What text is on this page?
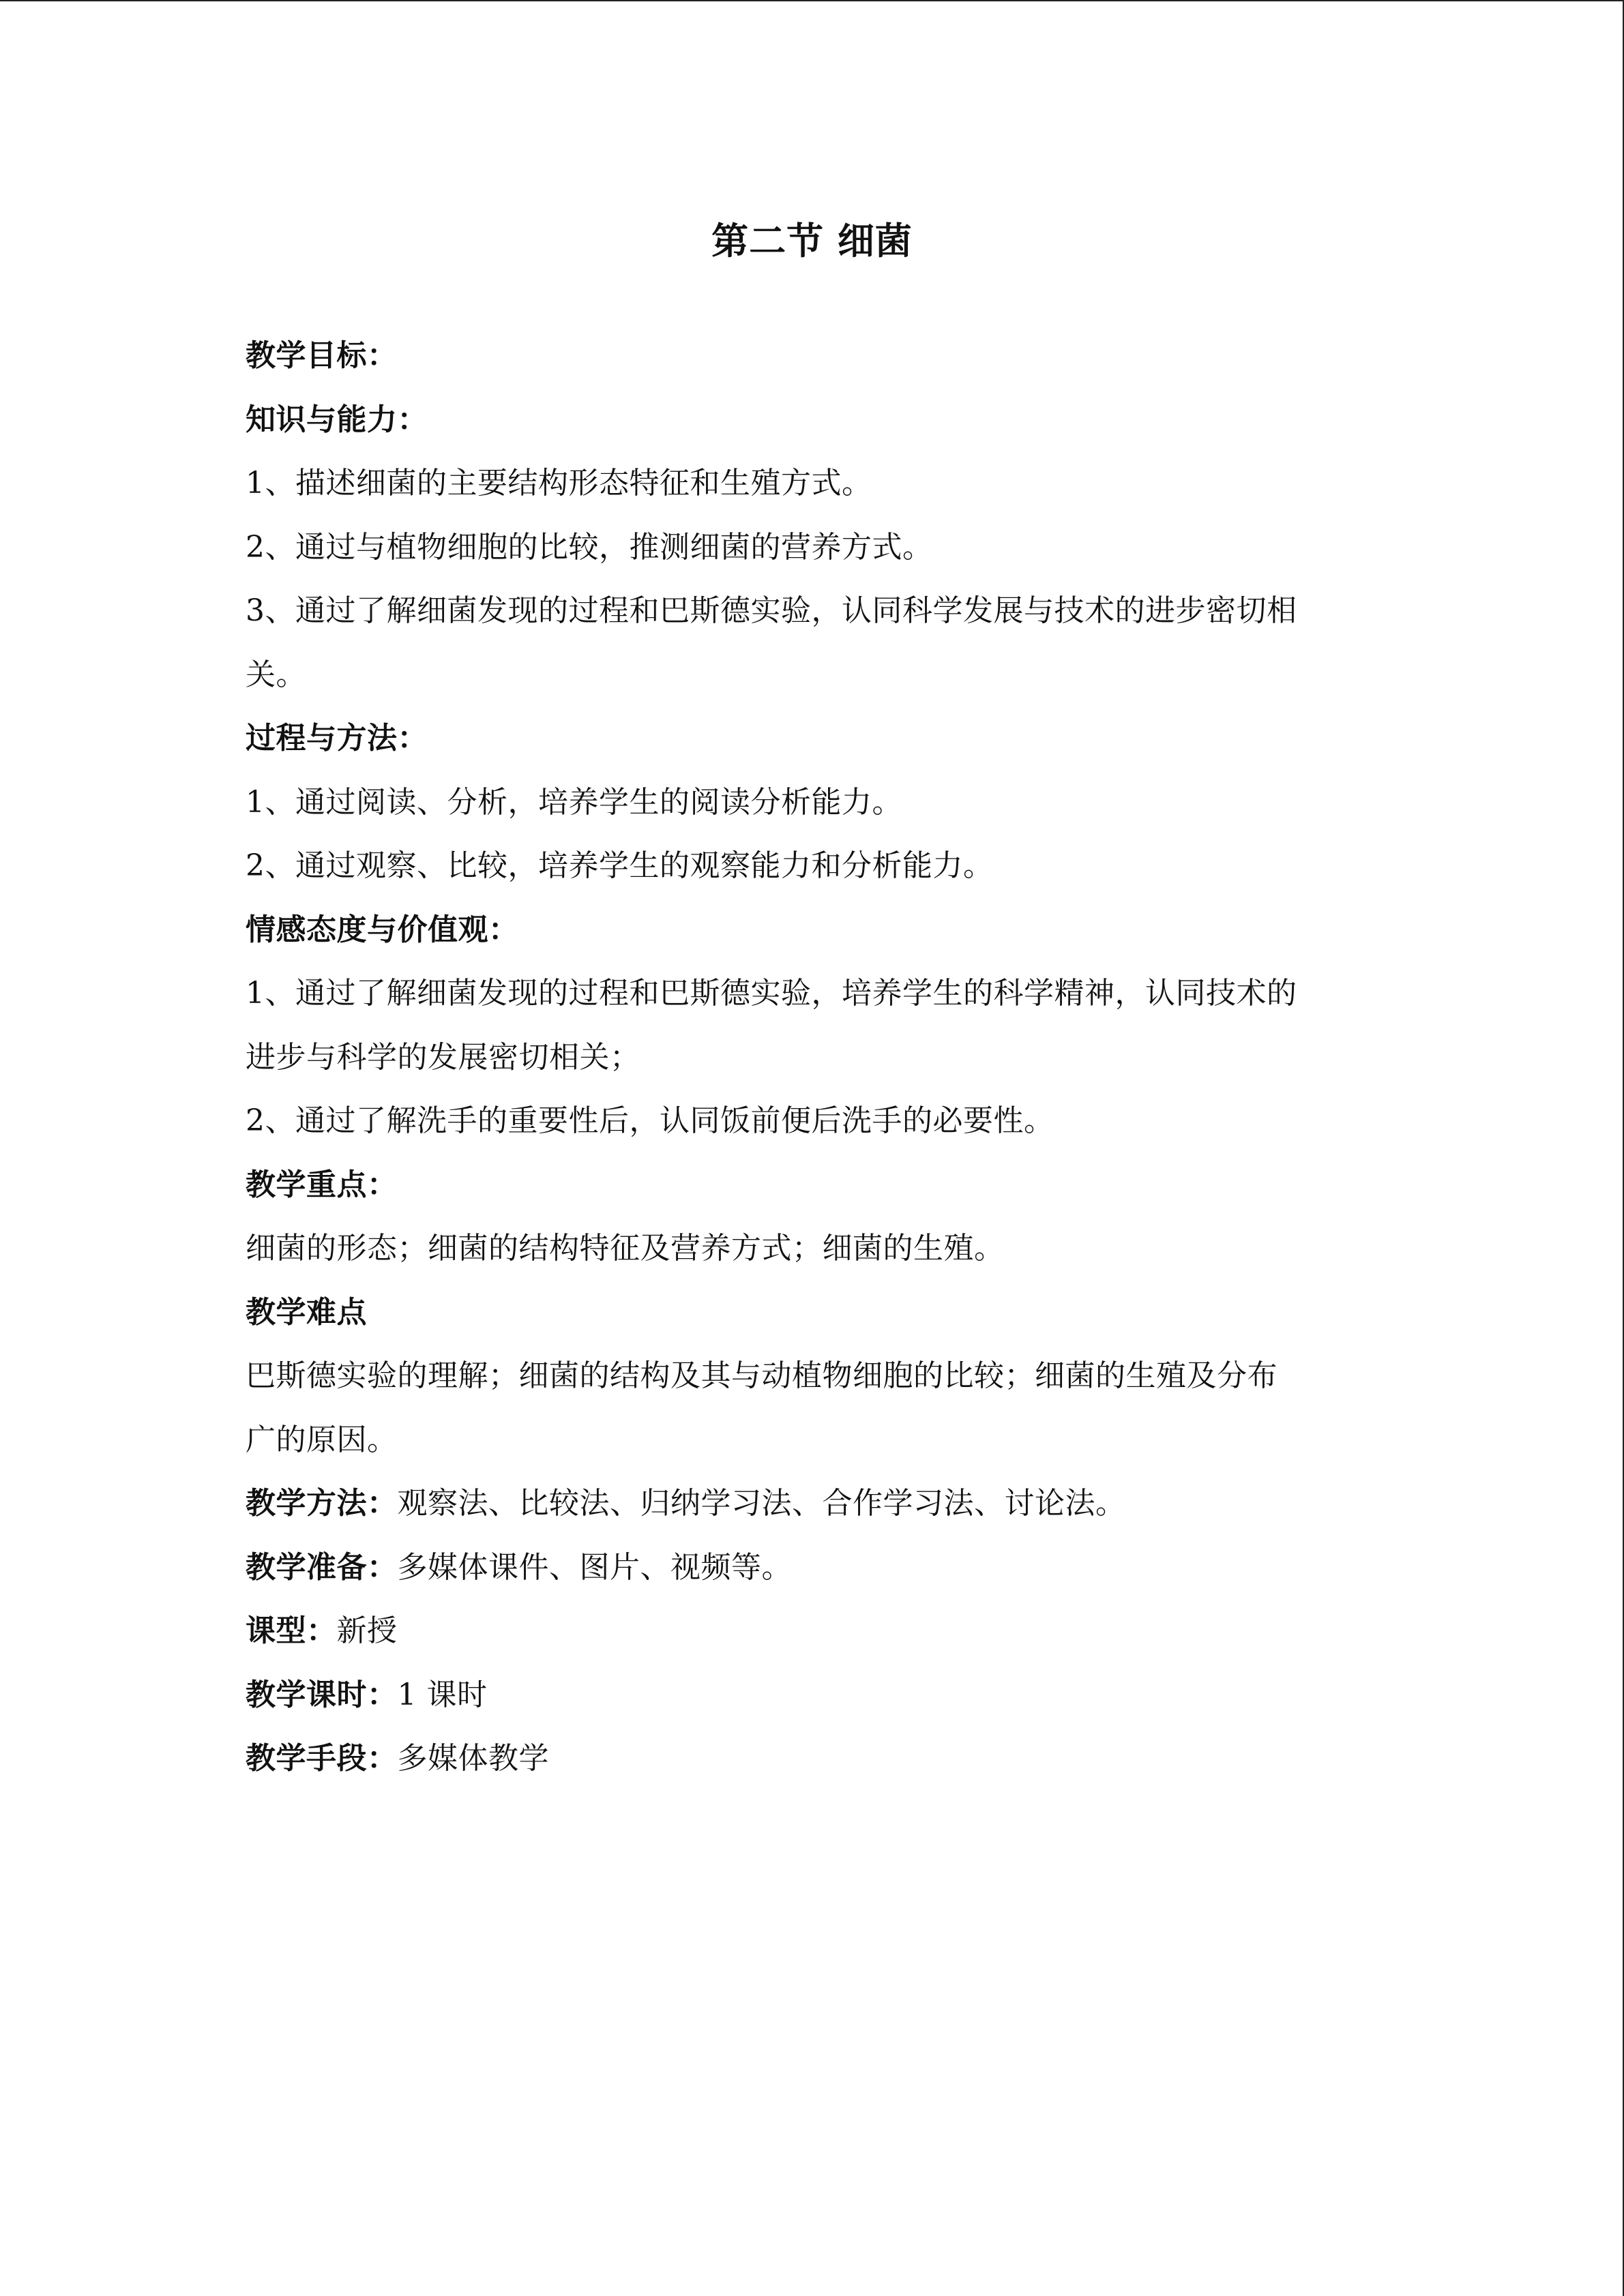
第二节 细菌
教学目标：
知识与能力：
1、描述细菌的主要结构形态特征和生殖方式。
2、通过与植物细胞的比较，推测细菌的营养方式。
3、通过了解细菌发现的过程和巴斯德实验，认同科学发展与技术的进步密切相
关。
过程与方法：
1、通过阅读、分析，培养学生的阅读分析能力。
2、通过观察、比较，培养学生的观察能力和分析能力。
情感态度与价值观：
1、通过了解细菌发现的过程和巴斯德实验，培养学生的科学精神，认同技术的
进步与科学的发展密切相关；
2、通过了解洗手的重要性后，认同饭前便后洗手的必要性。
教学重点：
细菌的形态；细菌的结构特征及营养方式；细菌的生殖。
教学难点
巴斯德实验的理解；细菌的结构及其与动植物细胞的比较；细菌的生殖及分布
广的原因。
教学方法：观察法、比较法、归纳学习法、合作学习法、讨论法。
教学准备：多媒体课件、图片、视频等。
课型：新授
教学课时：1 课时
教学手段：多媒体教学
